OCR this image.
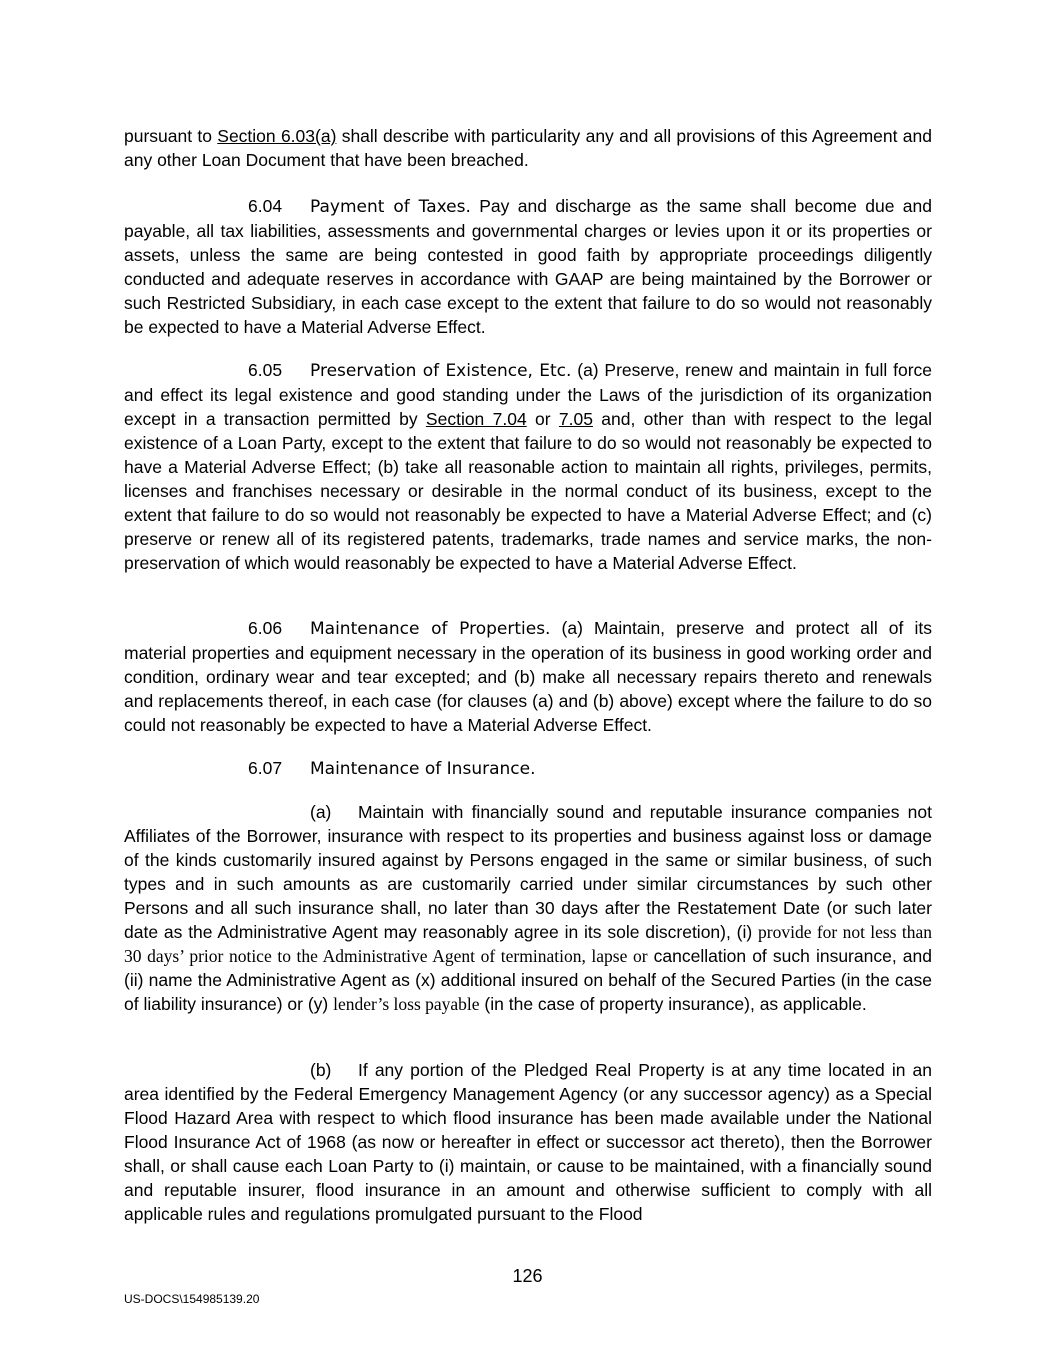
pursuant to Section 6.03(a) shall describe with particularity any and all provisions of this Agreement and any other Loan Document that have been breached.

6.04 Payment of Taxes. Pay and discharge as the same shall become due and payable, all tax liabilities, assessments and governmental charges or levies upon it or its properties or assets, unless the same are being contested in good faith by appropriate proceedings diligently conducted and adequate reserves in accordance with GAAP are being maintained by the Borrower or such Restricted Subsidiary, in each case except to the extent that failure to do so would not reasonably be expected to have a Material Adverse Effect.

6.05 Preservation of Existence, Etc. (a) Preserve, renew and maintain in full force and effect its legal existence and good standing under the Laws of the jurisdiction of its organization except in a transaction permitted by Section 7.04 or 7.05 and, other than with respect to the legal existence of a Loan Party, except to the extent that failure to do so would not reasonably be expected to have a Material Adverse Effect; (b) take all reasonable action to maintain all rights, privileges, permits, licenses and franchises necessary or desirable in the normal conduct of its business, except to the extent that failure to do so would not reasonably be expected to have a Material Adverse Effect; and (c) preserve or renew all of its registered patents, trademarks, trade names and service marks, the non-preservation of which would reasonably be expected to have a Material Adverse Effect.

6.06 Maintenance of Properties. (a) Maintain, preserve and protect all of its material properties and equipment necessary in the operation of its business in good working order and condition, ordinary wear and tear excepted; and (b) make all necessary repairs thereto and renewals and replacements thereof, in each case (for clauses (a) and (b) above) except where the failure to do so could not reasonably be expected to have a Material Adverse Effect.

6.07 Maintenance of Insurance.

(a) Maintain with financially sound and reputable insurance companies not Affiliates of the Borrower, insurance with respect to its properties and business against loss or damage of the kinds customarily insured against by Persons engaged in the same or similar business, of such types and in such amounts as are customarily carried under similar circumstances by such other Persons and all such insurance shall, no later than 30 days after the Restatement Date (or such later date as the Administrative Agent may reasonably agree in its sole discretion), (i) provide for not less than 30 days’ prior notice to the Administrative Agent of termination, lapse or cancellation of such insurance, and (ii) name the Administrative Agent as (x) additional insured on behalf of the Secured Parties (in the case of liability insurance) or (y) lender’s loss payable (in the case of property insurance), as applicable.

(b) If any portion of the Pledged Real Property is at any time located in an area identified by the Federal Emergency Management Agency (or any successor agency) as a Special Flood Hazard Area with respect to which flood insurance has been made available under the National Flood Insurance Act of 1968 (as now or hereafter in effect or successor act thereto), then the Borrower shall, or shall cause each Loan Party to (i) maintain, or cause to be maintained, with a financially sound and reputable insurer, flood insurance in an amount and otherwise sufficient to comply with all applicable rules and regulations promulgated pursuant to the Flood

126
US-DOCS\154985139.20
